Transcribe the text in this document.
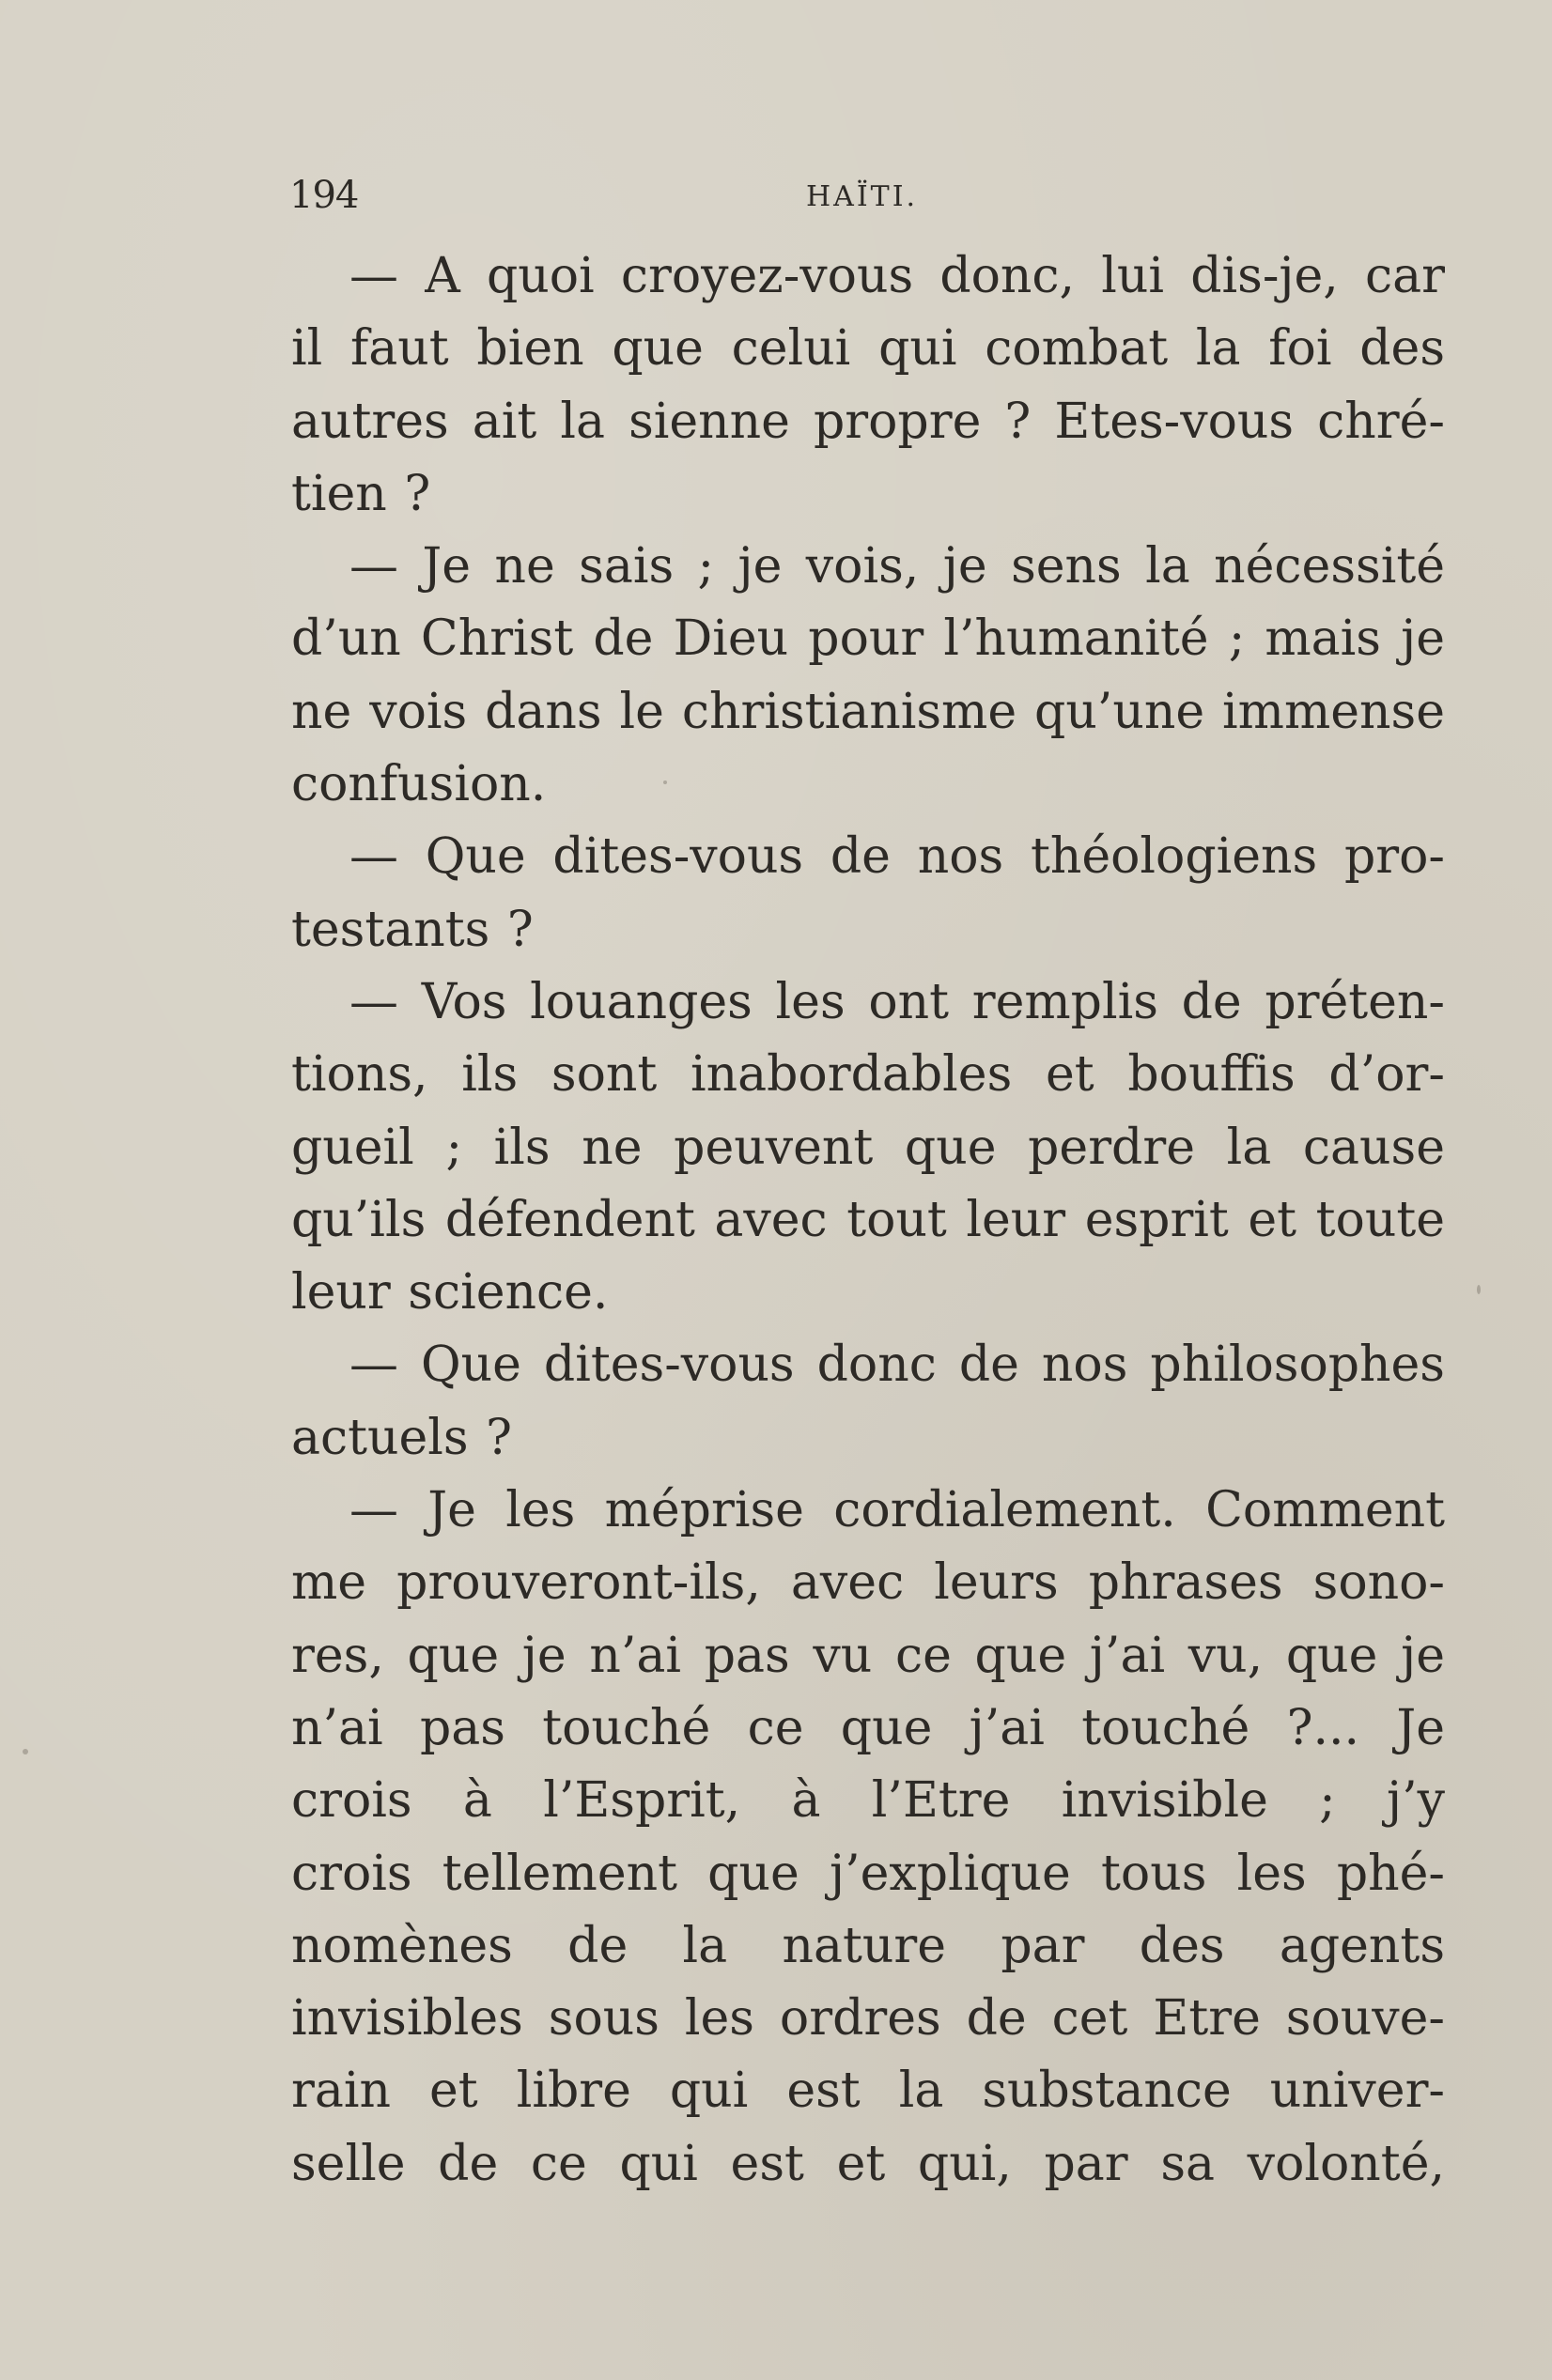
194	HAÏTI.
— A quoi croyez-vous donc, lui dis-je, car
il faut bien que celui qui combat la foi des
autres ait la sienne propre ? Etes-vous chré-
tien ?
— Je ne sais ; je vois, je sens la nécessité
d’un Christ de Dieu pour l’humanité ; mais je
ne vois dans le christianisme qu’une immense
confusion.
— Que dites-vous de nos théologiens pro-
testants ?
— Vos louanges les ont remplis de préten-
tions, ils sont inabordables et bouffis d’or-
gueil ; ils ne peuvent que perdre la cause
qu’ils défendent avec tout leur esprit et toute
leur science.
— Que dites-vous donc de nos philosophes
actuels ?
— Je les méprise cordialement. Comment
me prouveront-ils, avec leurs phrases sono-
res, que je n’ai pas vu ce que j’ai vu, que je
n’ai pas touché ce que j’ai touché ?... Je
crois à l’Esprit, à l’Etre invisible ; j’y
crois tellement que j’explique tous les phé-
nomènes de la nature par des agents
invisibles sous les ordres de cet Etre souve-
rain et libre qui est la substance univer-
selle de ce qui est et qui, par sa volonté,
